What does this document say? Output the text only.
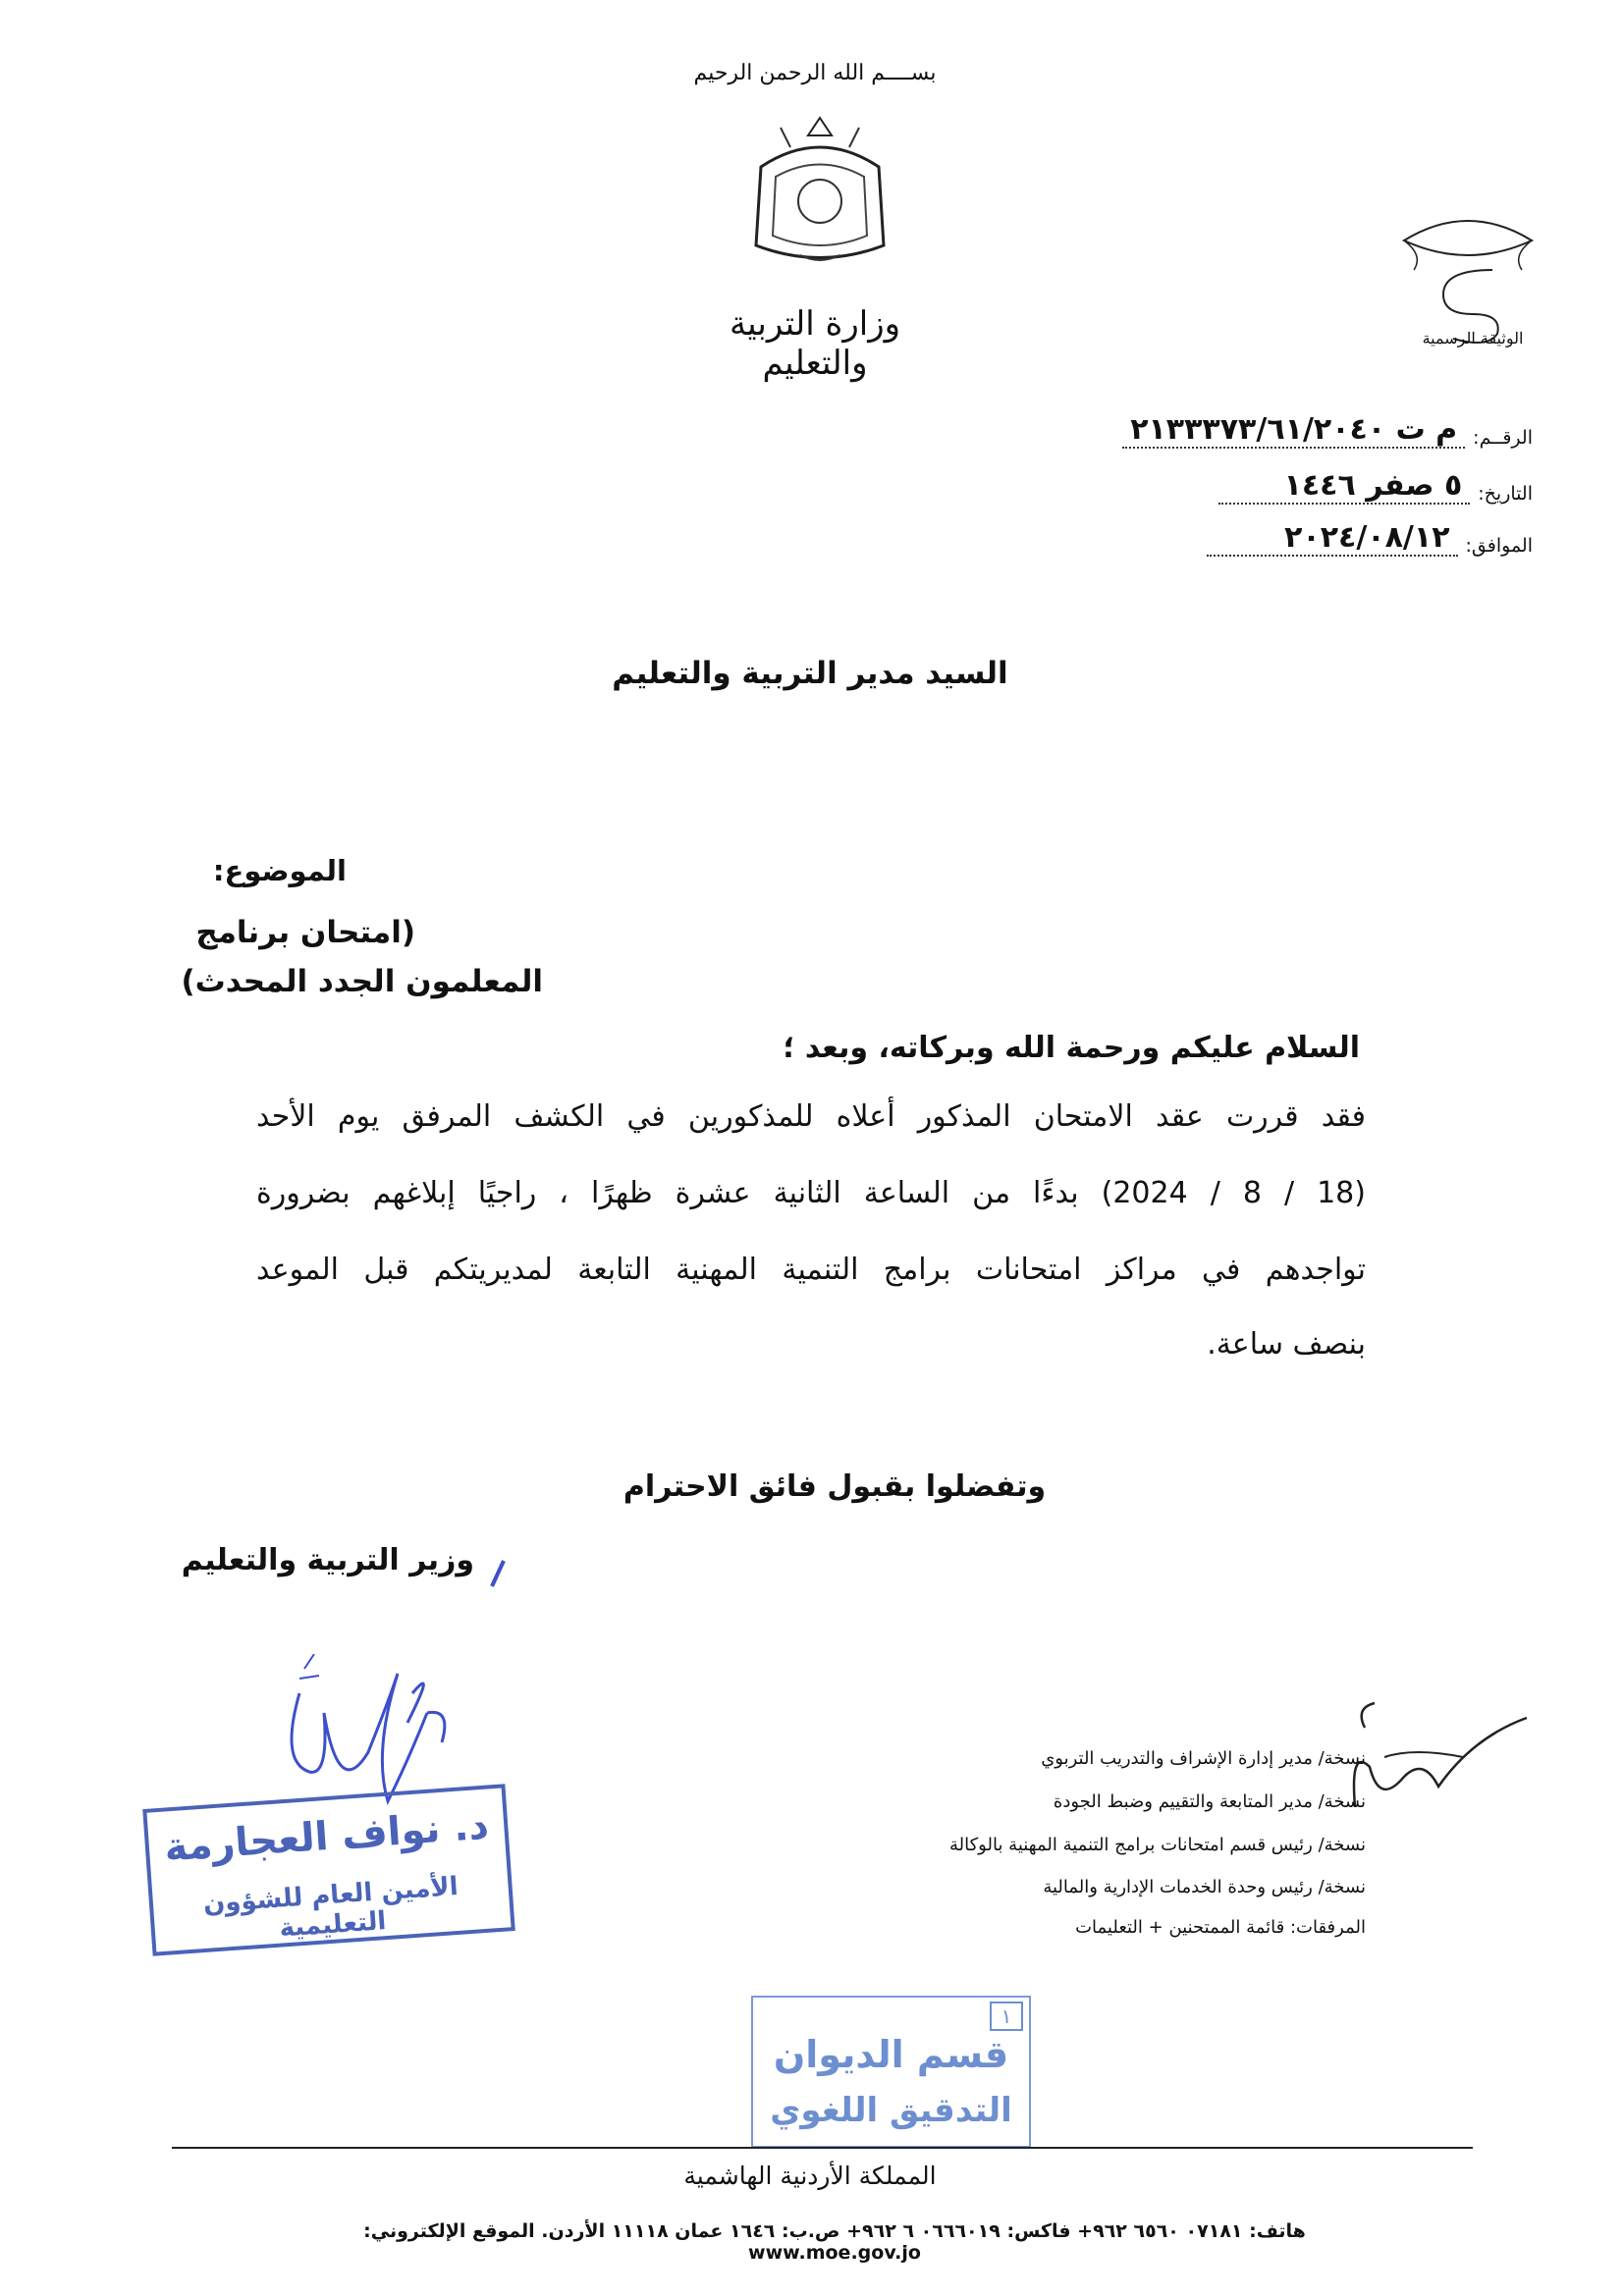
بســــم الله الرحمن الرحيم
وزارة التربية والتعليم
الوثيقة الرسمية
الرقــم:
م ت ٢١٣٣٣٧٣/٦١/٢٠٤٠
التاريخ:
٥ صفر ١٤٤٦
الموافق:
٢٠٢٤/٠٨/١٢
السيد مدير التربية والتعليم
الموضوع:
(امتحان برنامج
المعلمون الجدد المحدث)
السلام عليكم ورحمة الله وبركاته، وبعد ؛
فقد قررت عقد الامتحان المذكور أعلاه للمذكورين في الكشف المرفق يوم الأحد
(18 / 8 / 2024) بدءًا من الساعة الثانية عشرة ظهرًا ، راجيًا إبلاغهم بضرورة
تواجدهم في مراكز امتحانات برامج التنمية المهنية التابعة لمديريتكم قبل الموعد
بنصف ساعة.
وتفضلوا بقبول فائق الاحترام
وزير التربية والتعليم
نسخة/ مدير إدارة الإشراف والتدريب التربوي
نسخة/ مدير المتابعة والتقييم وضبط الجودة
نسخة/ رئيس قسم امتحانات برامج التنمية المهنية بالوكالة
نسخة/ رئيس وحدة الخدمات الإدارية والمالية
المرفقات: قائمة الممتحنين + التعليمات
د. نواف العجارمة
الأمين العام للشؤون التعليمية
١
قسم الديوان
التدقيق اللغوي
المملكة الأردنية الهاشمية
هاتف: ٠٧١٨١ ٦٥٦٠ ٩٦٢+ فاكس: ٠٦٦٦٠١٩ ٦ ٩٦٢+ ص.ب: ١٦٤٦ عمان ١١١١٨ الأردن. الموقع الإلكتروني: www.moe.gov.jo
